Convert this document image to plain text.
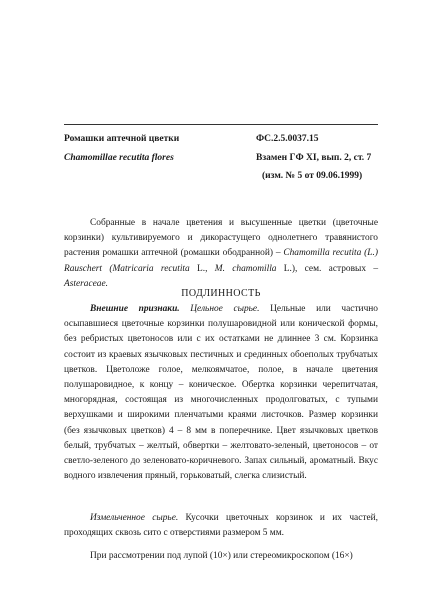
Ромашки аптечной цветки
Chamomillae recutita flores
ФС.2.5.0037.15
Взамен ГФ XI, вып. 2, ст. 7
(изм. № 5 от 09.06.1999)

Собранные в начале цветения и высушенные цветки (цветочные корзинки) культивируемого и дикорастущего однолетнего травянистого растения ромашки аптечной (ромашки ободранной) – Chamomilla recutita (L.) Rauschert (Matricaria recutita L., M. chamomilla L.), сем. астровых – Asteraceae.

ПОДЛИННОСТЬ

Внешние признаки. Цельное сырье. Цельные или частично осыпавшиеся цветочные корзинки полушаровидной или конической формы, без ребристых цветоносов или с их остатками не длиннее 3 см. Корзинка состоит из краевых язычковых пестичных и срединных обоеполых трубчатых цветков. Цветоложе голое, мелкоямчатое, полое, в начале цветения полушаровидное, к концу – коническое. Обертка корзинки черепитчатая, многорядная, состоящая из многочисленных продолговатых, с тупыми верхушками и широкими пленчатыми краями листочков. Размер корзинки (без язычковых цветков) 4 – 8 мм в поперечнике. Цвет язычковых цветков белый, трубчатых – желтый, обвертки – желтовато-зеленый, цветоносов – от светло-зеленого до зеленовато-коричневого. Запах сильный, ароматный. Вкус водного извлечения пряный, горьковатый, слегка слизистый.

Измельченное сырье. Кусочки цветочных корзинок и их частей, проходящих сквозь сито с отверстиями размером 5 мм.

При рассмотрении под лупой (10×) или стереомикроскопом (16×)
